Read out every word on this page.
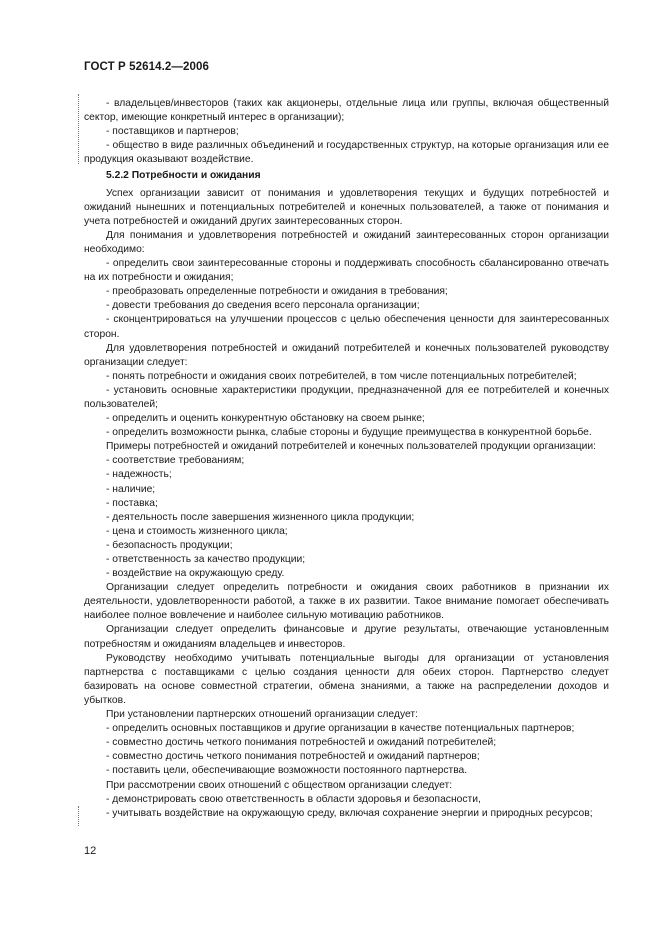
ГОСТ Р 52614.2—2006
- владельцев/инвесторов (таких как акционеры, отдельные лица или группы, включая общественный сектор, имеющие конкретный интерес в организации);
- поставщиков и партнеров;
- общество в виде различных объединений и государственных структур, на которые организация или ее продукция оказывают воздействие.
5.2.2 Потребности и ожидания
Успех организации зависит от понимания и удовлетворения текущих и будущих потребностей и ожиданий нынешних и потенциальных потребителей и конечных пользователей, а также от понимания и учета потребностей и ожиданий других заинтересованных сторон.
Для понимания и удовлетворения потребностей и ожиданий заинтересованных сторон организации необходимо:
- определить свои заинтересованные стороны и поддерживать способность сбалансированно отвечать на их потребности и ожидания;
- преобразовать определенные потребности и ожидания в требования;
- довести требования до сведения всего персонала организации;
- сконцентрироваться на улучшении процессов с целью обеспечения ценности для заинтересованных сторон.
Для удовлетворения потребностей и ожиданий потребителей и конечных пользователей руководству организации следует:
- понять потребности и ожидания своих потребителей, в том числе потенциальных потребителей;
- установить основные характеристики продукции, предназначенной для ее потребителей и конечных пользователей;
- определить и оценить конкурентную обстановку на своем рынке;
- определить возможности рынка, слабые стороны и будущие преимущества в конкурентной борьбе.
Примеры потребностей и ожиданий потребителей и конечных пользователей продукции организации:
- соответствие требованиям;
- надежность;
- наличие;
- поставка;
- деятельность после завершения жизненного цикла продукции;
- цена и стоимость жизненного цикла;
- безопасность продукции;
- ответственность за качество продукции;
- воздействие на окружающую среду.
Организации следует определить потребности и ожидания своих работников в признании их деятельности, удовлетворенности работой, а также в их развитии. Такое внимание помогает обеспечивать наиболее полное вовлечение и наиболее сильную мотивацию работников.
Организации следует определить финансовые и другие результаты, отвечающие установленным потребностям и ожиданиям владельцев и инвесторов.
Руководству необходимо учитывать потенциальные выгоды для организации от установления партнерства с поставщиками с целью создания ценности для обеих сторон. Партнерство следует базировать на основе совместной стратегии, обмена знаниями, а также на распределении доходов и убытков.
При установлении партнерских отношений организации следует:
- определить основных поставщиков и другие организации в качестве потенциальных партнеров;
- совместно достичь четкого понимания потребностей и ожиданий потребителей;
- совместно достичь четкого понимания потребностей и ожиданий партнеров;
- поставить цели, обеспечивающие возможности постоянного партнерства.
При рассмотрении своих отношений с обществом организации следует:
- демонстрировать свою ответственность в области здоровья и безопасности,
- учитывать воздействие на окружающую среду, включая сохранение энергии и природных ресурсов;
12
